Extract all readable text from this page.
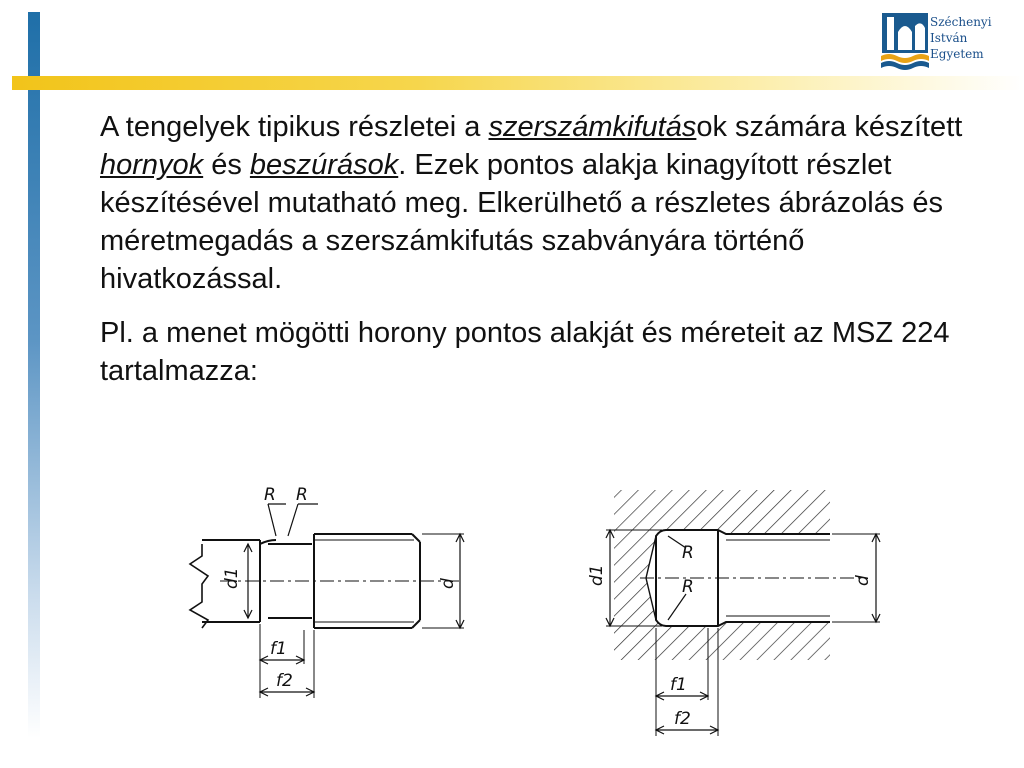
Széchenyi
István
Egyetem

A tengelyek tipikus részletei a szerszámkifutások számára készített hornyok és beszúrások. Ezek pontos alakja kinagyított részlet készítésével mutatható meg. Elkerülhető a részletes ábrázolás és méretmegadás a szerszámkifutás szabványára történő hivatkozással.

Pl. a menet mögötti horony pontos alakját és méreteit az MSZ 224 tartalmazza:

R R
d1	d
f1
f2
R
R
d1	d
f1
f2
